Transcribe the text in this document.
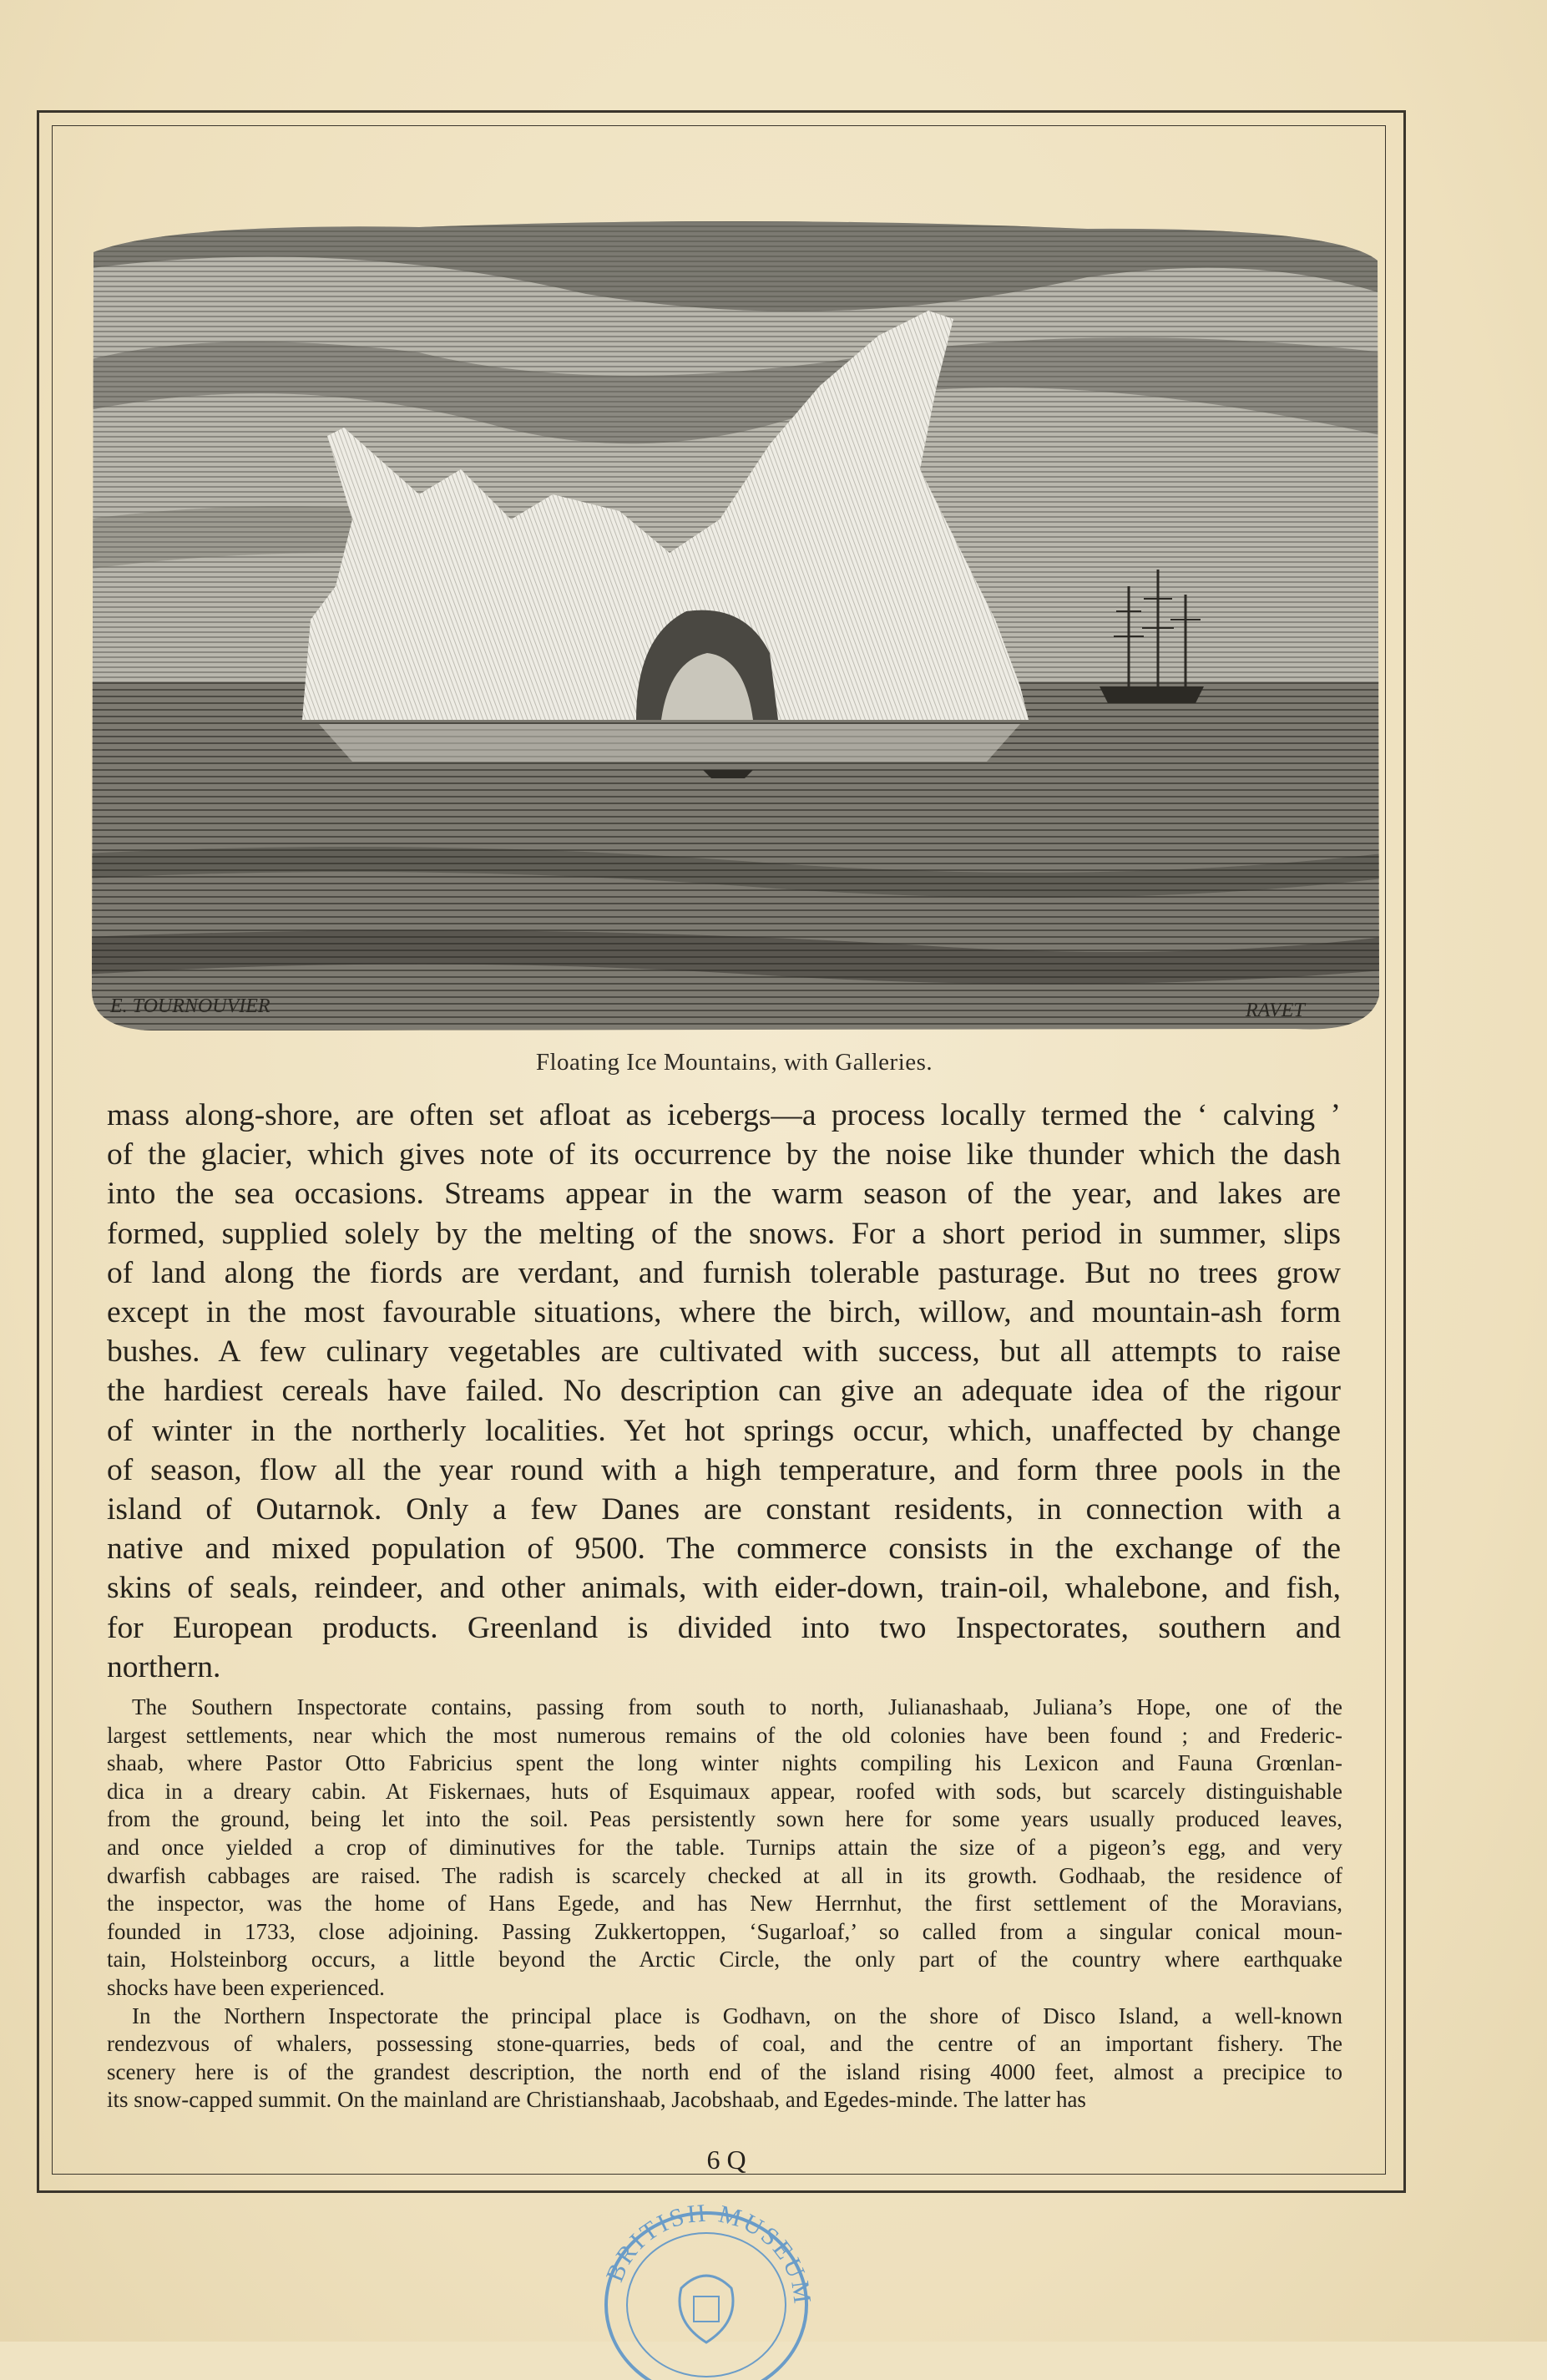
E. TOURNOUVIER	RAVET
Floating Ice Mountains, with Galleries.
mass along-shore, are often set afloat as icebergs—a process locally termed the ‘ calving ’
of the glacier, which gives note of its occurrence by the noise like thunder which the dash
into the sea occasions. Streams appear in the warm season of the year, and lakes are
formed, supplied solely by the melting of the snows. For a short period in summer, slips
of land along the fiords are verdant, and furnish tolerable pasturage. But no trees grow
except in the most favourable situations, where the birch, willow, and mountain-ash form
bushes. A few culinary vegetables are cultivated with success, but all attempts to raise
the hardiest cereals have failed. No description can give an adequate idea of the rigour
of winter in the northerly localities. Yet hot springs occur, which, unaffected by change
of season, flow all the year round with a high temperature, and form three pools in the
island of Outarnok. Only a few Danes are constant residents, in connection with a
native and mixed population of 9500. The commerce consists in the exchange of the
skins of seals, reindeer, and other animals, with eider-down, train-oil, whalebone, and fish,
for European products. Greenland is divided into two Inspectorates, southern and
northern.
The Southern Inspectorate contains, passing from south to north, Julianashaab, Juliana’s Hope, one of the
largest settlements, near which the most numerous remains of the old colonies have been found ; and Frederic-
shaab, where Pastor Otto Fabricius spent the long winter nights compiling his Lexicon and Fauna Grœnlan-
dica in a dreary cabin. At Fiskernaes, huts of Esquimaux appear, roofed with sods, but scarcely distinguishable
from the ground, being let into the soil. Peas persistently sown here for some years usually produced leaves,
and once yielded a crop of diminutives for the table. Turnips attain the size of a pigeon’s egg, and very
dwarfish cabbages are raised. The radish is scarcely checked at all in its growth. Godhaab, the residence of
the inspector, was the home of Hans Egede, and has New Herrnhut, the first settlement of the Moravians,
founded in 1733, close adjoining. Passing Zukkertoppen, ‘Sugarloaf,’ so called from a singular conical moun-
tain, Holsteinborg occurs, a little beyond the Arctic Circle, the only part of the country where earthquake
shocks have been experienced.
In the Northern Inspectorate the principal place is Godhavn, on the shore of Disco Island, a well-known
rendezvous of whalers, possessing stone-quarries, beds of coal, and the centre of an important fishery. The
scenery here is of the grandest description, the north end of the island rising 4000 feet, almost a precipice to
its snow-capped summit. On the mainland are Christianshaab, Jacobshaab, and Egedes-minde. The latter has
6 Q
BRITISH MUSEUM
